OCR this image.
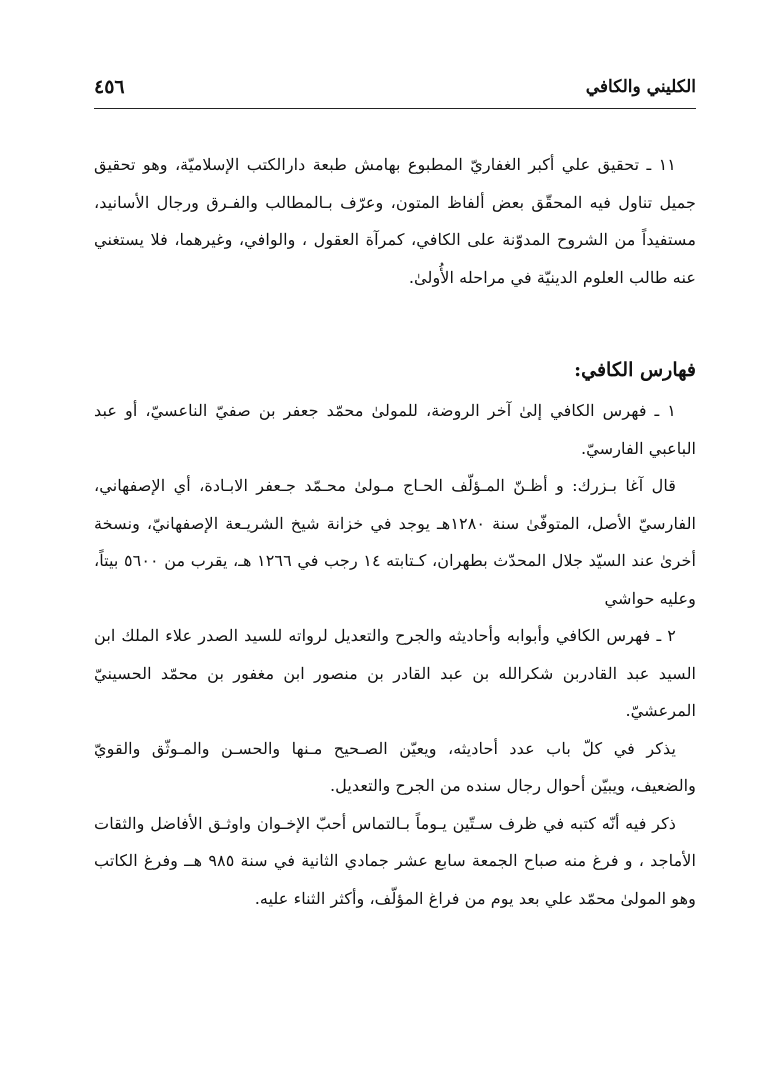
الكليني والكافي
٤٥٦

١١ ـ تحقيق علي أكبر الغفاريّ المطبوع بهامش طبعة دارالكتب الإسلاميّة، وهو تحقيق جميل تناول فيه المحقّق بعض ألفاظ المتون، وعرّف بـالمطالب والفـرق ورجال الأسانيد، مستفيداً من الشروح المدوّنة على الكافي، كمرآة العقول ، والوافي، وغيرهما، فلا يستغني عنه طالب العلوم الدينيّة في مراحله الأُولىٰ.

فهارس الكافي:

١ ـ فهرس الكافي إلىٰ آخر الروضة، للمولىٰ محمّد جعفر بن صفيّ الناعسيّ، أو عبد الباعبي الفارسيّ.

قال آغا بـزرك: و أظـنّ المـؤلّف الحـاج مـولىٰ محـمّد جـعفر الابـادة، أي الإصفهاني، الفارسيّ الأصل، المتوفّىٰ سنة ١٢٨٠هـ يوجد في خزانة شيخ الشريـعة الإصفهانيّ، ونسخة أخرىٰ عند السيّد جلال المحدّث بطهران، كـتابته ١٤ رجب في ١٢٦٦ هـ، يقرب من ٥٦٠٠ بيتاً، وعليه حواشي

٢ ـ فهرس الكافي وأبوابه وأحاديثه والجرح والتعديل لرواته للسيد الصدر علاء الملك ابن السيد عبد القادربن شكرالله بن عبد القادر بن منصور ابن مغفور بن محمّد الحسينيّ المرعشيّ.

يذكر في كلّ باب عدد أحاديثه، ويعيّن الصـحيح مـنها والحسـن والمـوثّق والقويّ والضعيف، ويبيّن أحوال رجال سنده من الجرح والتعديل.

ذكر فيه أنّه كتبه في ظرف سـتّين يـوماً بـالتماس أحبّ الإخـوان واوثـق الأفاضل والثقات الأماجد ، و فرغ منه صباح الجمعة سابع عشر جمادي الثانية في سنة ٩٨٥ هــ وفرغ الكاتب وهو المولىٰ محمّد علي بعد يوم من فراغ المؤلّف، وأكثر الثناء عليه.
